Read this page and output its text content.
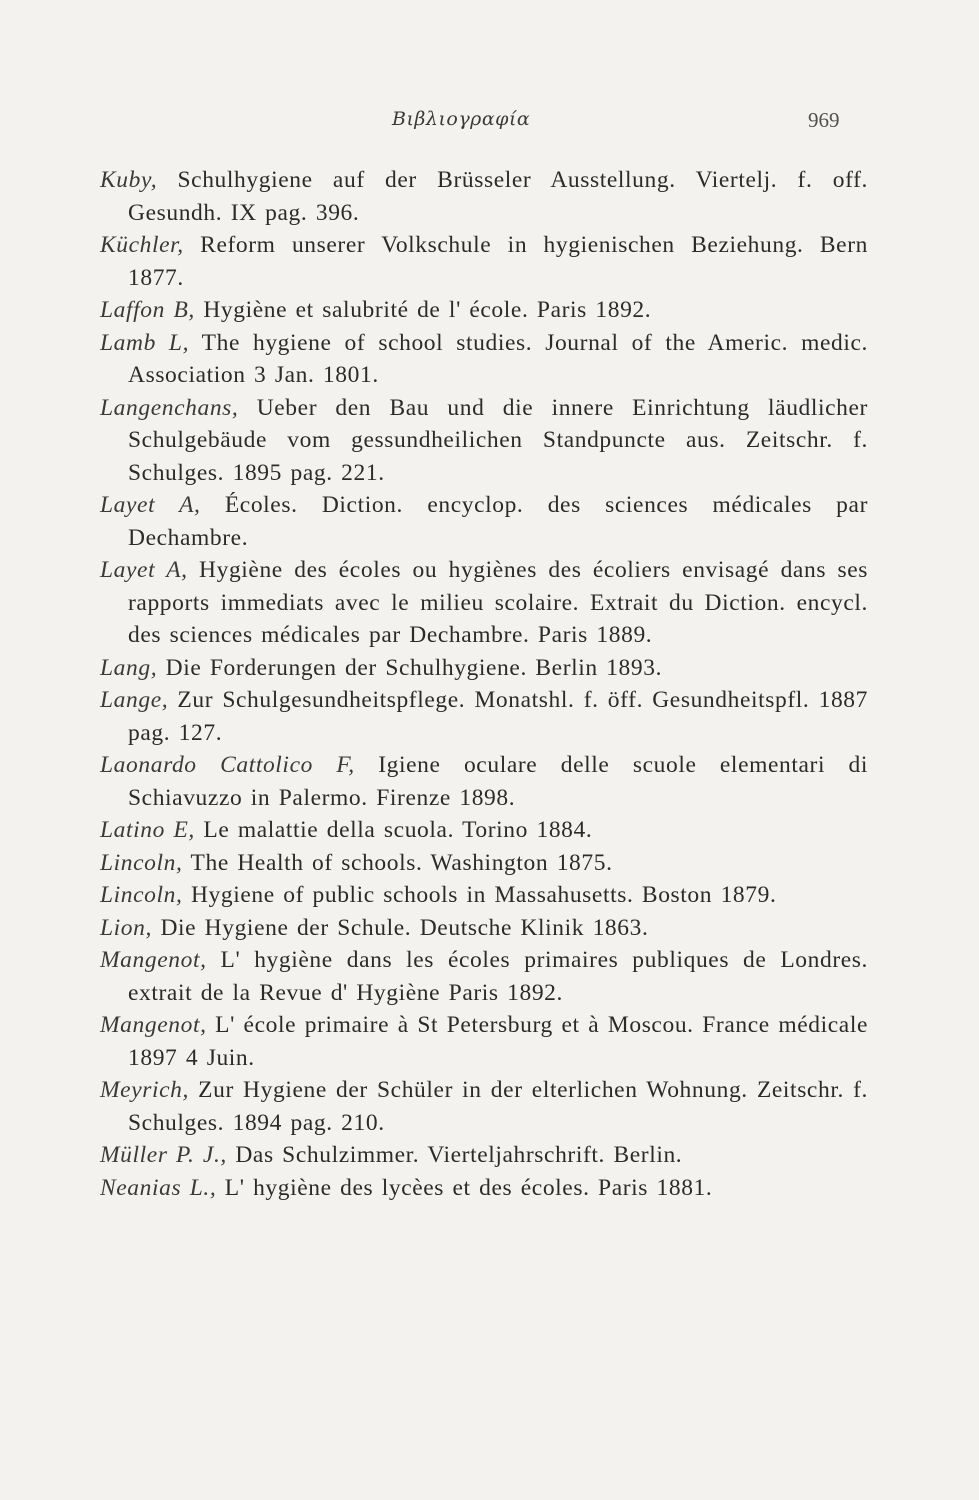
Βιβλιογραφία	969
Kuby, Schulhygiene auf der Brüsseler Ausstellung. Viertelj. f. off. Gesundh. IX pag. 396.
Küchler, Reform unserer Volkschule in hygienischen Beziehung. Bern 1877.
Laffon B, Hygiène et salubrité de l' école. Paris 1892.
Lamb L, The hygiene of school studies. Journal of the Americ. medic. Association 3 Jan. 1801.
Langenchans, Ueber den Bau und die innere Einrichtung läudlicher Schulgebäude vom gessundheilichen Standpuncte aus. Zeitschr. f. Schulges. 1895 pag. 221.
Layet A, Écoles. Diction. encyclop. des sciences médicales par Dechambre.
Layet A, Hygiène des écoles ou hygiènes des écoliers envisagé dans ses rapports immediats avec le milieu scolaire. Extrait du Diction. encycl. des sciences médicales par Dechambre. Paris 1889.
Lang, Die Forderungen der Schulhygiene. Berlin 1893.
Lange, Zur Schulgesundheitspflege. Monatshl. f. öff. Gesundheitspfl. 1887 pag. 127.
Laonardo Cattolico F, Igiene oculare delle scuole elementari di Schiavuzzo in Palermo. Firenze 1898.
Latino E, Le malattie della scuola. Torino 1884.
Lincoln, The Health of schools. Washington 1875.
Lincoln, Hygiene of public schools in Massahusetts. Boston 1879.
Lion, Die Hygiene der Schule. Deutsche Klinik 1863.
Mangenot, L' hygiène dans les écoles primaires publiques de Londres. extrait de la Revue d' Hygiène Paris 1892.
Mangenot, L' école primaire à St Petersburg et à Moscou. France médicale 1897 4 Juin.
Meyrich, Zur Hygiene der Schüler in der elterlichen Wohnung. Zeitschr. f. Schulges. 1894 pag. 210.
Müller P. J., Das Schulzimmer. Vierteljahrschrift. Berlin.
Neanias L., L' hygiène des lycèes et des écoles. Paris 1881.
